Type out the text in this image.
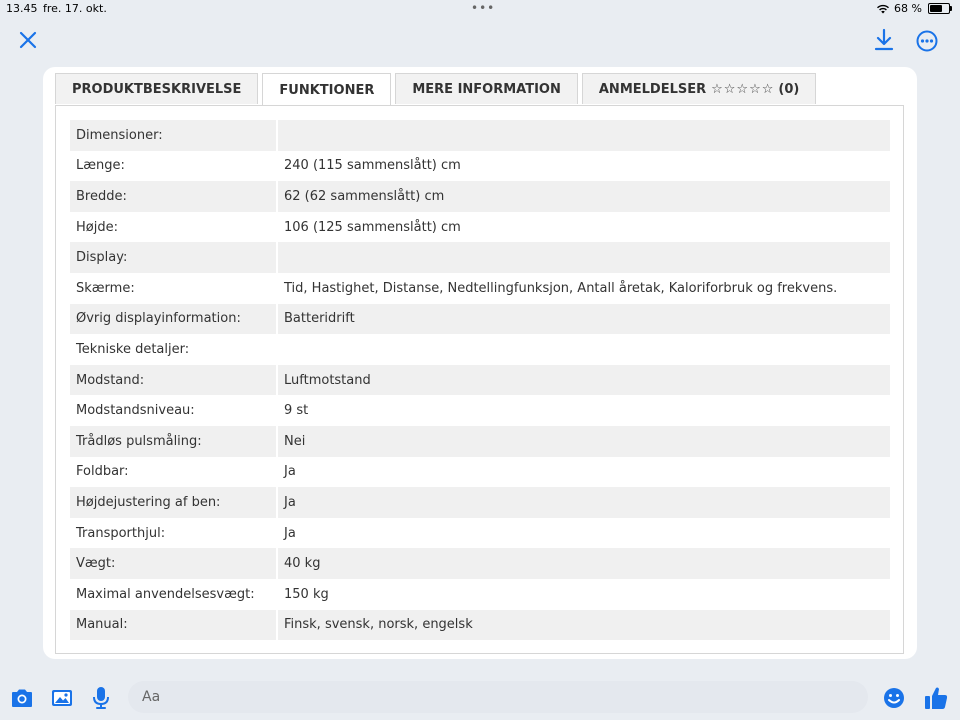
13.45 fre. 17. okt.	•••	68 %
PRODUKTBESKRIVELSE	FUNKTIONER	MERE INFORMATION	ANMELDELSER ☆☆☆☆☆ (0)
Dimensioner:
Længe:	240 (115 sammenslått) cm
Bredde:	62 (62 sammenslått) cm
Højde:	106 (125 sammenslått) cm
Display:
Skærme:	Tid, Hastighet, Distanse, Nedtellingfunksjon, Antall åretak, Kaloriforbruk og frekvens.
Øvrig displayinformation:	Batteridrift
Tekniske detaljer:
Modstand:	Luftmotstand
Modstandsniveau:	9 st
Trådløs pulsmåling:	Nei
Foldbar:	Ja
Højdejustering af ben:	Ja
Transporthjul:	Ja
Vægt:	40 kg
Maximal anvendelsesvægt:	150 kg
Manual:	Finsk, svensk, norsk, engelsk
Aa
